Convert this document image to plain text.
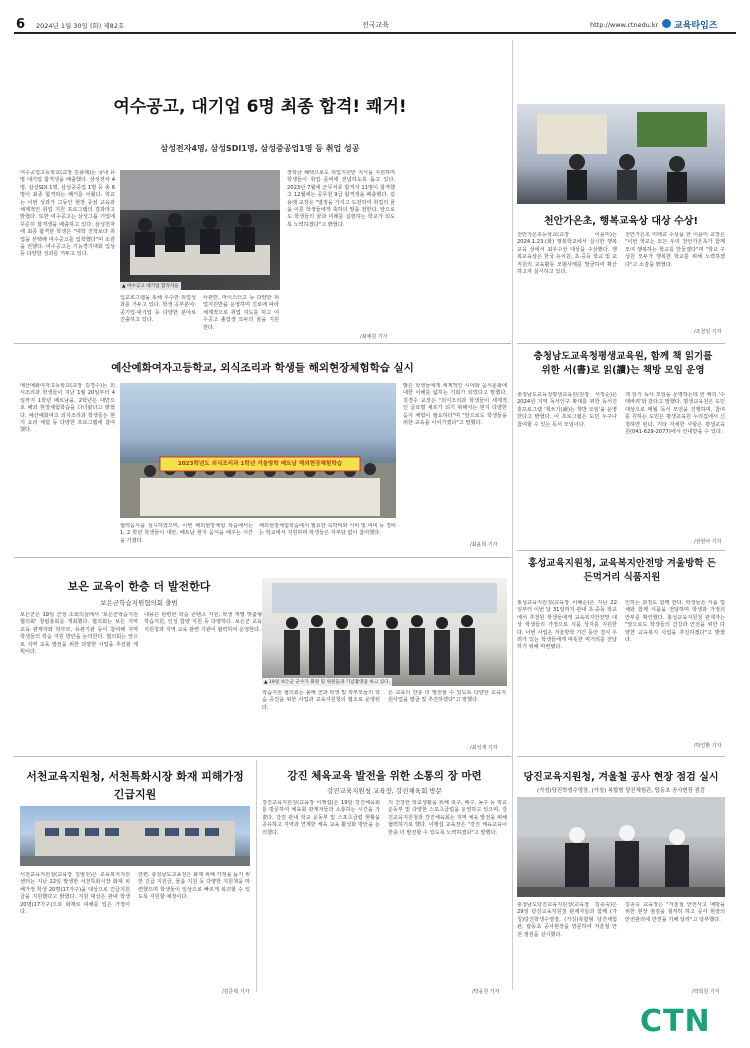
6 2024년 1월 30일 (화) 제82호	전국교육	http://www.ctnedu.kr 교육타임즈
여수공고, 대기업 6명 최종 합격! 쾌거!
삼성전자4명, 삼성SDI1명, 삼성중공업1명 등 취업 성공
여수공업고등학교(교장 김용래)는 국내 유명 대기업 합격생을 배출했다. 삼성전자 4명, 삼성SDI 1명, 삼성중공업 1명 등 총 6명이 최종 합격하는 쾌거를 이뤘다. 학교는 이번 성과가 그동안 현장 중심 교육과 체계적인 취업 지원 프로그램의 결과라고 밝혔다. 또한 여수공고는 삼성그룹 기업에 꾸준히 합격생을 배출하고 있다. 삼성전자에 최종 합격한 학생은 "대학 진학보다 취업을 선택해 여수공고를 입학했다"며 소감을 전했다. 여수공고는 기능경기대회 입상 등 다양한 성과를 거두고 있다.
▲ 여수공고 대기업 합격자들
입교로그램을 통해 우수한 취업성과를 거두고 있다. 학생 공부분야: 공기업·대기업 등 다양한 분야로 진출하고 있다.
사관반, 마이스터고 등 다양한 취업지원반을 운영하며 진로에 따라 체계적으로 취업 지도를 하고 여수공고 졸업생 모두의 꿈을 지원한다.
장학금 혜택으로도 취업지원반 지식을 지원하며 학생들이 취업 준비에 전념하도록 돕고 있다. 2023년 7월에 군무서류 합격자 11명이 합격했고 12월에는 공무원 9급 합격생을 배출했다. 김용래 교장은 "열정을 가지고 도전하여 취업의 꿈을 이룬 학생들에게 축하의 말을 전한다. 앞으로도 학생들의 꿈과 미래를 실현하는 학교가 되도록 노력하겠다"고 밝혔다.
/최예원 기자
천안가온초, 행복교육상 대상 수상!
천안가온초등학교(교장 이윤미)는 2024.1.23.(화) 행복학교에서 실시한 행복교육 상에서 최우수상 대상을 수상했다. 행복교육상은 한국 유치원, 초·중등 학교 및 교직원의 교육활동 모범사례를 발굴하여 확산하고자 실시하고 있다.
천안가온초 미래교 수상을 한 이윤미 교장은 "이번 학교는 모든 우리 천안가온초가 함께 모여 행복하는 학교를 만들겠다"며 "학교 구성원 모두가 행복한 학교를 위해 노력하겠다"고 소감을 밝혔다.
/조청일 기자
예산예화여자고등학교, 외식조리과 학생들 해외현장체험학습 실시
예산예화여자고등학교(교장 김경수)는 외식조리과 학생들이 지난 1월 20일부터 4일까지 1학년 베트남을, 2학년은 대만으로 해외 현장체험학습을 다녀왔다고 밝혔다. 예산예화여고 외식조리과 학생들은 현지 요리 체험 등 다양한 프로그램에 참여했다.
2023학년도 외식조리과 1학년 겨울방학 베트남 해외현장체험학습
협력음식을 실시하였으며, 이번 해외현장체험 학습에서는 1, 2 학년 학생들이 대만, 베트남 현지 음식을 배우는 시간을 가졌다.
해외현장체험학습에서 필요한 숙박비와 식비 및 여비 등 경비는 학교에서 지원하며 학생들은 자부담 없이 참여했다.
많은 학생들에게 세계적인 시야와 음식문화에 대한 이해를 넓히는 기회가 되었다고 말했다. 김경수 교장은 "외식조리과 학생들이 세계적인 글로벌 셰프가 되기 위해서는 현지 다양한 음식 체험이 필요하다"며 "앞으로도 학생들을 위한 교육을 이어가겠다"고 말했다.
/최윤희 기자
충청남도교육청평생교육원, 함께 책 읽기를 위한 서(書)로 읽(讀)는 책방 모임 운영
충청남도교육청평생교육원(원장 서정순)은 2024년 지역 독서인구 확대를 위한 독서진흥프로그램 '책쓰기(讀)는 책방 모임'을 운영한다고 밝혔다. 이 프로그램은 도민 누구나 참여할 수 있는 독서 모임이다.
책 읽기 독서 모임을 운영하는데 한 해의 '수레바퀴'와 같다고 말했다. 평생교육원은 도민 대상으로 매월 독서 모임을 진행하며, 참여를 원하는 도민은 평생교육원 누리집에서 신청하면 된다. 기타 자세한 사항은 평생교육원(041-629-2077)에서 안내받을 수 있다.
/권현아 기자
보은 교육이 한층 더 발전한다
보은군학습지원협의회 출범
보은군은 19일 군청 소회의실에서 '보은군학습지원협의회' 창립총회를 개최했다. 협의회는 보은 지역 교육 관계자와 학부모, 유관기관 등이 참여해 지역 학생들의 학습 지원 방안을 논의한다. 협의회는 앞으로 지역 교육 발전을 위한 다양한 사업을 추진할 계획이다.
내용은 관련한 학습 콘텐츠 지원, 학생 개별 맞춤형 학습지원, 인성 함양 지원 등 다양하다. 보은군 교육지원청과 지역 교육 관련 기관이 협력하여 운영한다.
▲ 19일 보은군 군수가 회원 및 위원들과 기념촬영을 하고 있다.
학습지원 협의회는 올해 군과 학생 및 학부모들의 학습 증진을 위한 사업과 교육지원청의 협조로 운영된다.
은 교육의 한층 더 발전할 수 있도록 다양한 교육지원사업을 발굴 및 추진하겠다"고 말했다.
/최석재 기자
홍성교육지원청, 교육복지안전망 겨울방학 든든먹거리 식품지원
홍성교육지원청(교육장 이혜순)은 지난 22일부터 이번 달 31일까지 관내 초·중등 학교에서 추천된 학생들에게 교육복지안전망 대상 학생들의 가정으로 식품 상자를 지원한다. 이번 사업은 겨울방학 기간 동안 결식 우려가 있는 학생들에게 따뜻한 먹거리를 전달하기 위해 마련됐다.
인하는 과정도 함께 한다. 학생들은 식품 업체와 함께 식품을 전달하며 학생과 가정의 안부를 확인했다. 홍성교육지원청 관계자는 "앞으로도 학생들의 건강과 안전을 위한 다양한 교육복지 사업을 추진하겠다"고 밝혔다.
/박진환 기자
서천교육지원청, 서천특화시장 화재 피해가정 긴급지원
서천교육지원청(교육장 김병천)은 교육복지지원센터는 지난 22일 발생한 서천특화시장 화재 피해가정 학생 20명(17가구)을 대상으로 긴급지원금을 지원했다고 밝혔다. 지원 대상은 관내 학생 20명(17가구)으로 화재로 피해를 입은 가정이다.
한편, 충청남도교육청은 화재 피해 가정을 돕기 위한 긴급 지원금, 물품 지원 등 다양한 지원책을 마련했으며 학생들이 일상으로 빠르게 복귀할 수 있도록 지원할 예정이다.
/김준혁 기자
강진 체육교육 발전을 위한 소통의 장 마련
강진교육지원청 교육장, 강진체육회 방문
강진교육지원청(교육장 이행섭)은 19일 강진체육회를 방문하여 체육회 관계자들과 소통하는 시간을 가졌다. 강진 관내 학교 운동부 및 스포츠클럽 현황을 공유하고 지역과 연계한 체육 교육 활성화 방안을 논의했다.
의 건강한 학교생활을 위해 축구, 배구, 농구 등 학교운동부 및 다양한 스포츠클럽을 운영하고 있으며, 강진교육지원청과 강진체육회는 지역 체육 발전을 위해 협력하기로 했다. 이행섭 교육장은 "강진 체육교육이 한층 더 발전할 수 있도록 노력하겠다"고 말했다.
/박웅원 기자
당진교육지원청, 겨울철 공사 현장 점검 실시
(가칭)당진학생수영장, (가칭) 복합형 당진체험관, 탑동초 공사현장 점검
충청남도당진교육지원청(교육장 김종숙)은 29일 당진교육지원청 관계자들과 함께 (가칭)당진학생수영장, (가칭)복합형 당진체험관, 탑동초 공사현장을 방문하여 겨울철 안전 점검을 실시했다.
김종숙 교육장은 "겨울철 안전사고 예방을 위한 현장 점검을 철저히 하고 공사 현장의 안전관리에 만전을 기해 달라"고 당부했다.
/박희원 기자
CTN
